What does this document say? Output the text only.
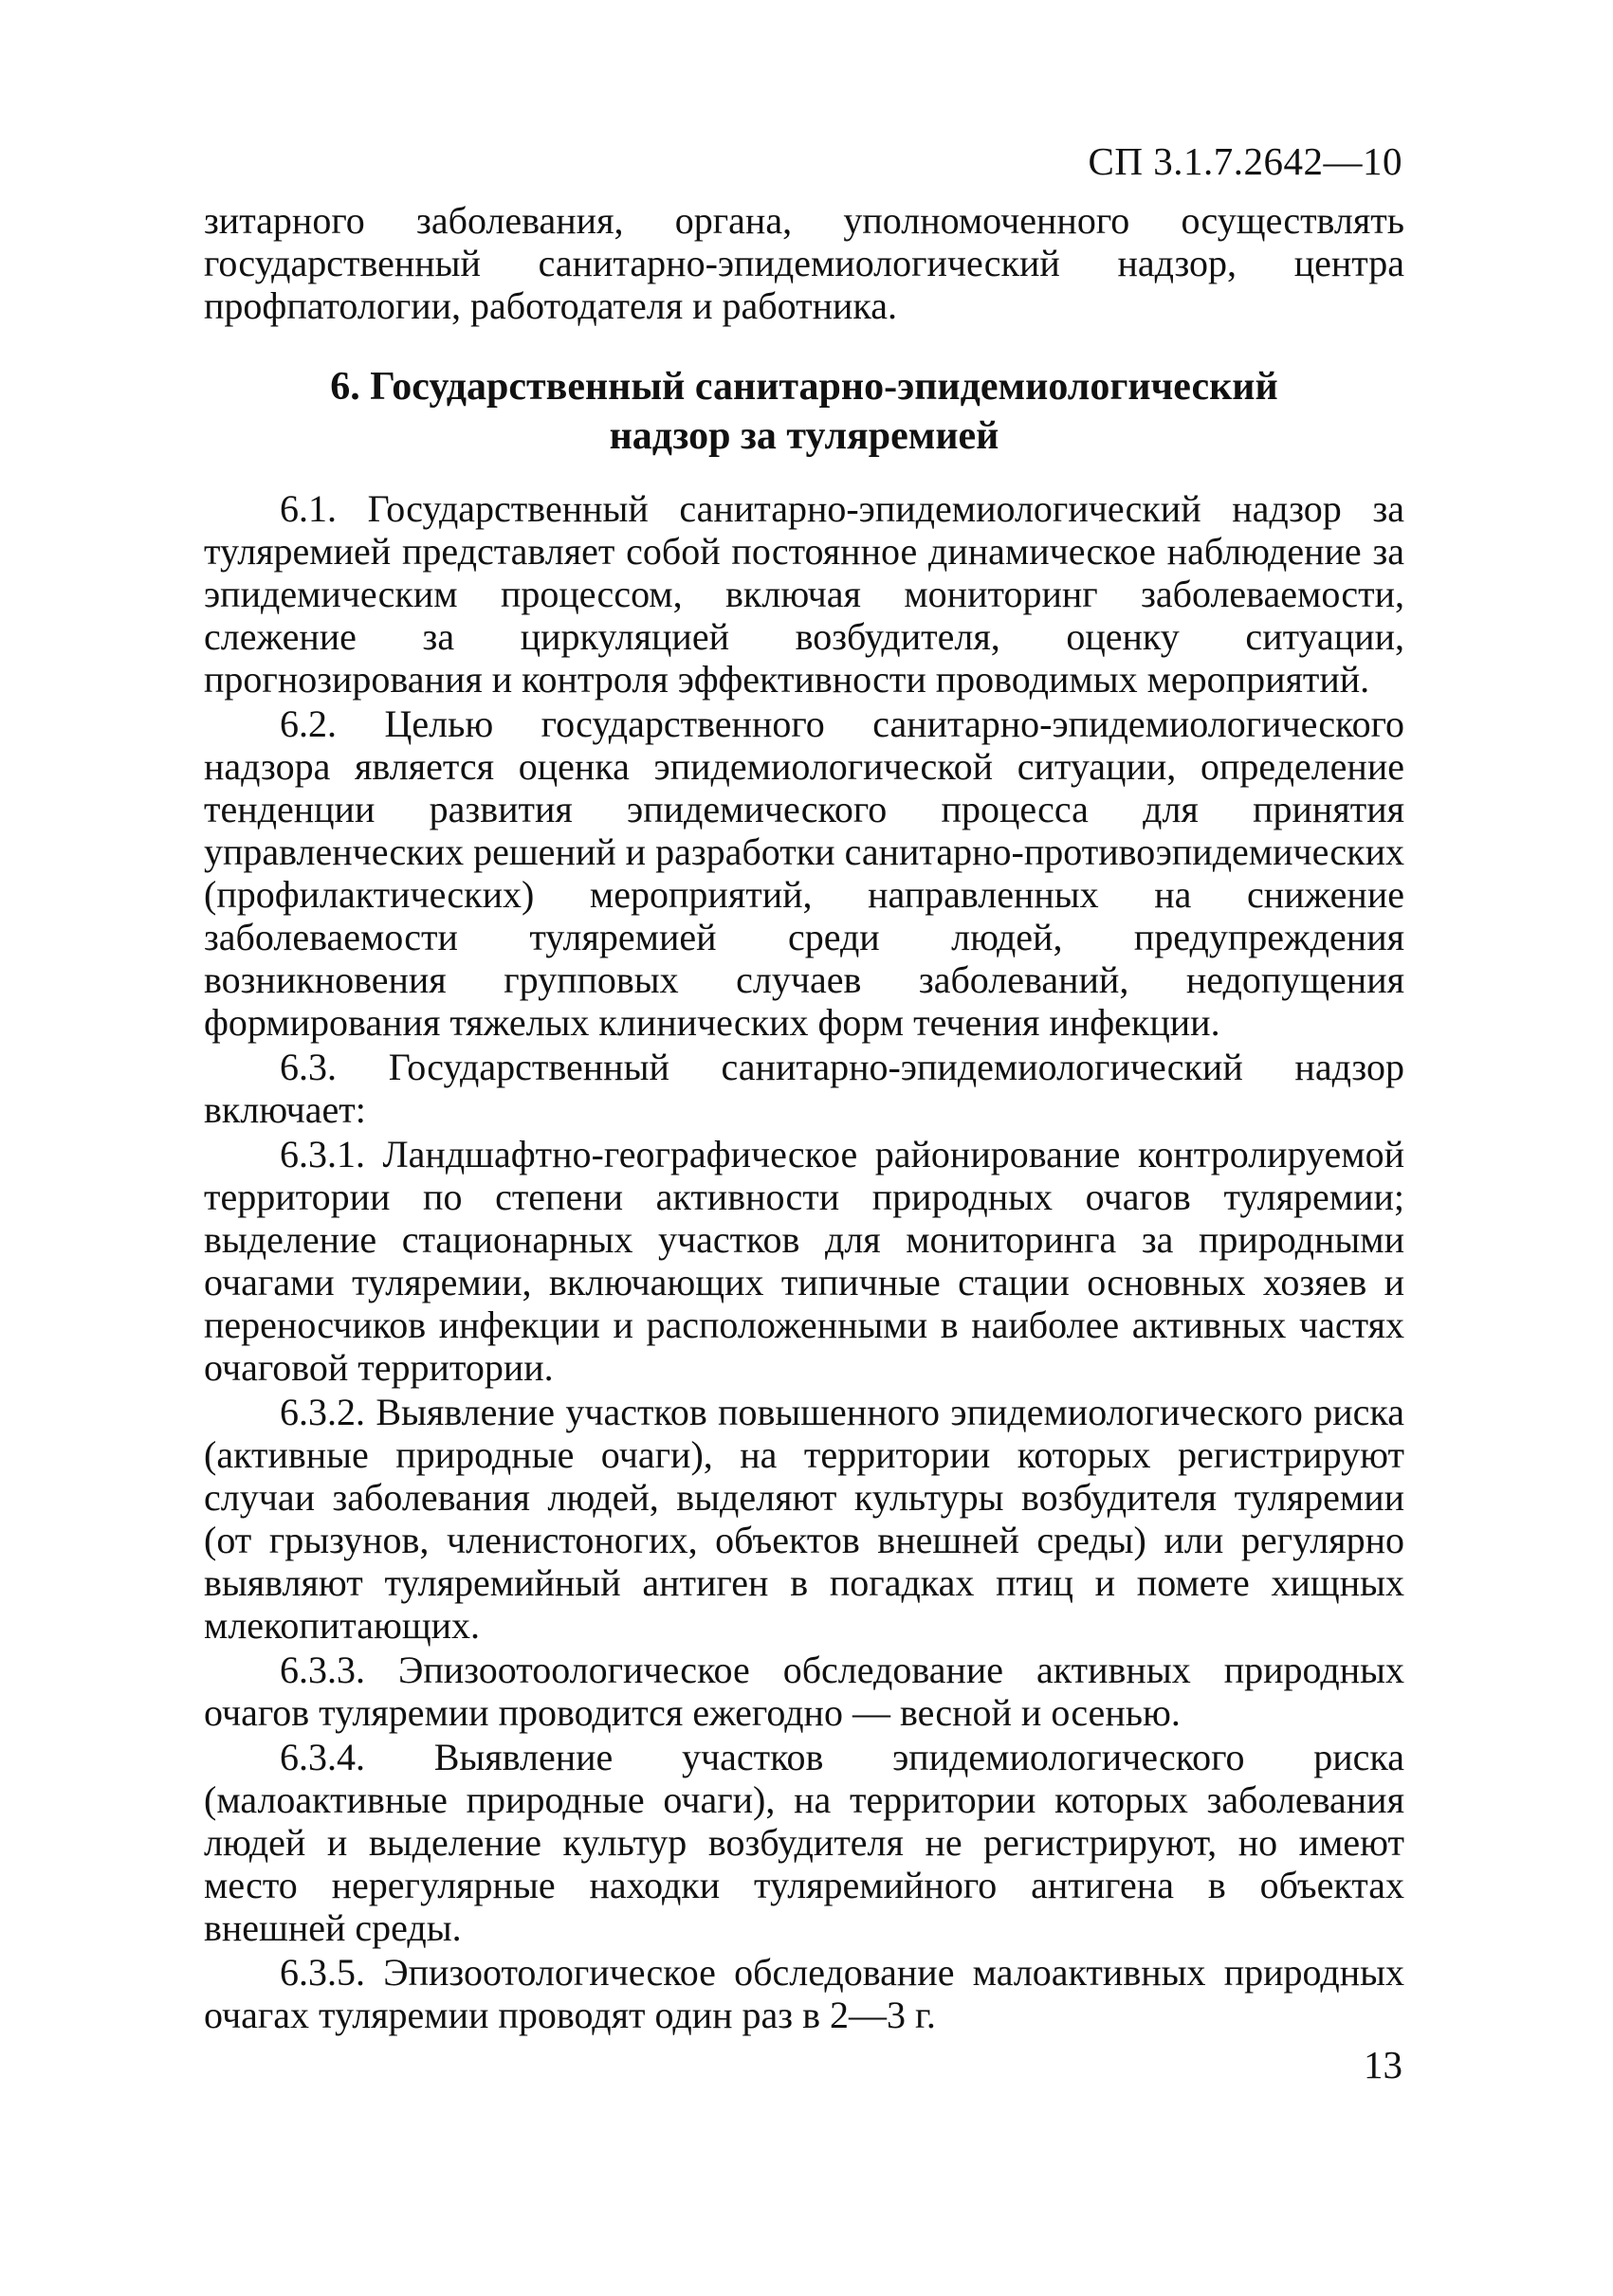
СП 3.1.7.2642—10

зитарного заболевания, органа, уполномоченного осуществлять государственный санитарно-эпидемиологический надзор, центра профпатологии, работодателя и работника.

6. Государственный санитарно-эпидемиологический
надзор за туляремией

6.1. Государственный санитарно-эпидемиологический надзор за туляремией представляет собой постоянное динамическое наблюдение за эпидемическим процессом, включая мониторинг заболеваемости, слежение за циркуляцией возбудителя, оценку ситуации, прогнозирования и контроля эффективности проводимых мероприятий.

6.2. Целью государственного санитарно-эпидемиологического надзора является оценка эпидемиологической ситуации, определение тенденции развития эпидемического процесса для принятия управленческих решений и разработки санитарно-противоэпидемических (профилактических) мероприятий, направленных на снижение заболеваемости туляремией среди людей, предупреждения возникновения групповых случаев заболеваний, недопущения формирования тяжелых клинических форм течения инфекции.

6.3. Государственный санитарно-эпидемиологический надзор включает:

6.3.1. Ландшафтно-географическое районирование контролируемой территории по степени активности природных очагов туляремии; выделение стационарных участков для мониторинга за природными очагами туляремии, включающих типичные стации основных хозяев и переносчиков инфекции и расположенными в наиболее активных частях очаговой территории.

6.3.2. Выявление участков повышенного эпидемиологического риска (активные природные очаги), на территории которых регистрируют случаи заболевания людей, выделяют культуры возбудителя туляремии (от грызунов, членистоногих, объектов внешней среды) или регулярно выявляют туляремийный антиген в погадках птиц и помете хищных млекопитающих.

6.3.3. Эпизоотоологическое обследование активных природных очагов туляремии проводится ежегодно — весной и осенью.

6.3.4. Выявление участков эпидемиологического риска (малоактивные природные очаги), на территории которых заболевания людей и выделение культур возбудителя не регистрируют, но имеют место нерегулярные находки туляремийного антигена в объектах внешней среды.

6.3.5. Эпизоотологическое обследование малоактивных природных очагах туляремии проводят один раз в 2—3 г.

13
